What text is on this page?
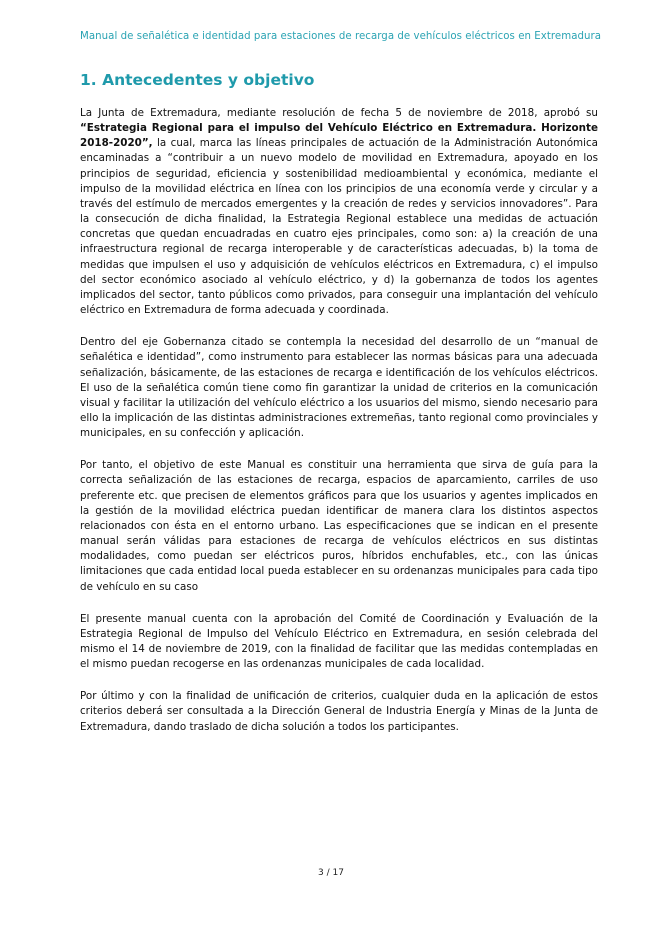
Manual de señalética e identidad para estaciones de recarga de vehículos eléctricos en Extremadura
1. Antecedentes y objetivo

La Junta de Extremadura, mediante resolución de fecha 5 de noviembre de 2018, aprobó su “Estrategia Regional para el impulso del Vehículo Eléctrico en Extremadura. Horizonte 2018-2020”, la cual, marca las líneas principales de actuación de la Administración Autonómica encaminadas a “contribuir a un nuevo modelo de movilidad en Extremadura, apoyado en los principios de seguridad, eficiencia y sostenibilidad medioambiental y económica, mediante el impulso de la movilidad eléctrica en línea con los principios de una economía verde y circular y a través del estímulo de mercados emergentes y la creación de redes y servicios innovadores”. Para la consecución de dicha finalidad, la Estrategia Regional establece una medidas de actuación concretas que quedan encuadradas en cuatro ejes principales, como son: a) la creación de una infraestructura regional de recarga interoperable y de características adecuadas, b) la toma de medidas que impulsen el uso y adquisición de vehículos eléctricos en Extremadura, c) el impulso del sector económico asociado al vehículo eléctrico, y d) la gobernanza de todos los agentes implicados del sector, tanto públicos como privados, para conseguir una implantación del vehículo eléctrico en Extremadura de forma adecuada y coordinada.

Dentro del eje Gobernanza citado se contempla la necesidad del desarrollo de un “manual de señalética e identidad”, como instrumento para establecer las normas básicas para una adecuada señalización, básicamente, de las estaciones de recarga e identificación de los vehículos eléctricos. El uso de la señalética común tiene como fin garantizar la unidad de criterios en la comunicación visual y facilitar la utilización del vehículo eléctrico a los usuarios del mismo, siendo necesario para ello la implicación de las distintas administraciones extremeñas, tanto regional como provinciales y municipales, en su confección y aplicación.

Por tanto, el objetivo de este Manual es constituir una herramienta que sirva de guía para la correcta señalización de las estaciones de recarga, espacios de aparcamiento, carriles de uso preferente etc. que precisen de elementos gráficos para que los usuarios y agentes implicados en la gestión de la movilidad eléctrica puedan identificar de manera clara los distintos aspectos relacionados con ésta en el entorno urbano. Las especificaciones que se indican en el presente manual serán válidas para estaciones de recarga de vehículos eléctricos en sus distintas modalidades, como puedan ser eléctricos puros, híbridos enchufables, etc., con las únicas limitaciones que cada entidad local pueda establecer en su ordenanzas municipales para cada tipo de vehículo en su caso

El presente manual cuenta con la aprobación del Comité de Coordinación y Evaluación de la Estrategia Regional de Impulso del Vehículo Eléctrico en Extremadura, en sesión celebrada del mismo el 14 de noviembre de 2019, con la finalidad de facilitar que las medidas contempladas en el mismo puedan recogerse en las ordenanzas municipales de cada localidad.

Por último y con la finalidad de unificación de criterios, cualquier duda en la aplicación de estos criterios deberá ser consultada a la Dirección General de Industria Energía y Minas de la Junta de Extremadura, dando traslado de dicha solución a todos los participantes.

3 / 17
